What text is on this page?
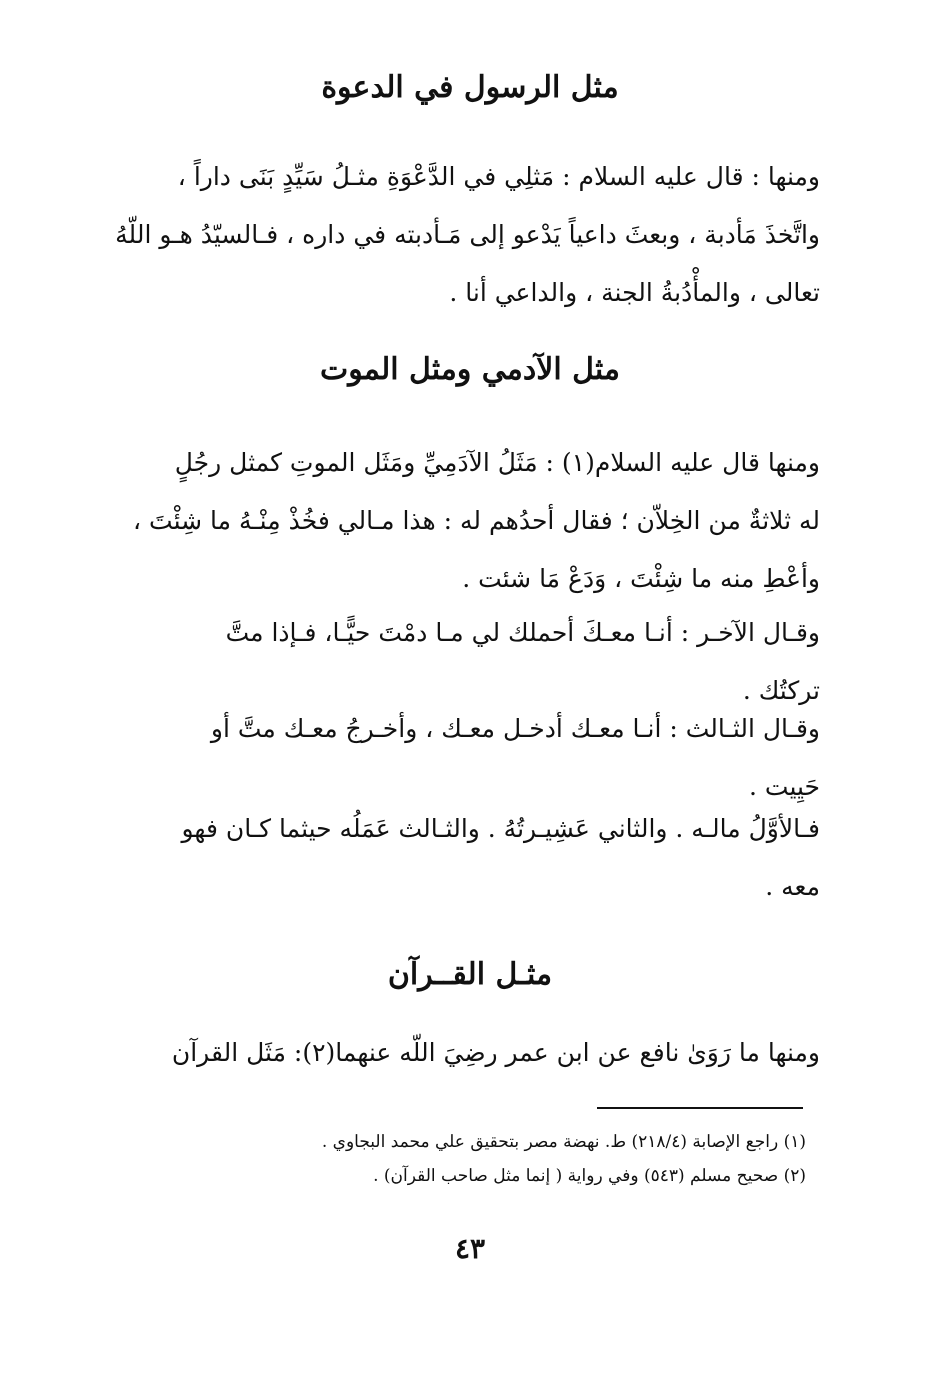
مثل الرسول في الدعوة
ومنها : قال عليه السلام : مَثلِي في الدَّعْوَةِ مثـلُ سَيِّدٍ بَنَى داراً ،
واتَّخذَ مَأدبة ، وبعثَ داعياً يَدْعو إلى مَـأدبته في داره ، فـالسيّدُ هـو اللّهُ
تعالى ، والمأْدُبةُ الجنة ، والداعي أنا .
مثل الآدمي ومثل الموت
ومنها قال عليه السلام(١) : مَثَلُ الآدَمِيِّ ومَثَل الموتِ كمثل رجُلٍ
له ثلاثةٌ من الخِلاّن ؛ فقال أحدُهم له : هذا مـالي فخُذْ مِنْـهُ ما شِئْتَ ،
وأعْطِ منه ما شِئْتَ ، وَدَعْ مَا شئت .
وقـال الآخـر : أنـا معـكَ أحملك لي مـا دمْتَ حيًّـا، فـإذا متَّ
تركتُك .
وقـال الثـالث : أنـا معـك أدخـل معـك ، وأخـرجُ معـك متَّ أو
حَيِيت .
فـالأوَّلُ مالـه . والثاني عَشِيـرتُهُ . والثـالث عَمَلُه حيثما كـان فهو
معه .
مثـل القــرآن
ومنها ما رَوَىٰ نافع عن ابن عمر رضِيَ اللّه عنهما(٢): مَثَل القرآن
(١) راجع الإصابة (٢١٨/٤) ط. نهضة مصر بتحقيق علي محمد البجاوي .
(٢) صحيح مسلم (٥٤٣) وفي رواية ( إنما مثل صاحب القرآن) .
٤٣
